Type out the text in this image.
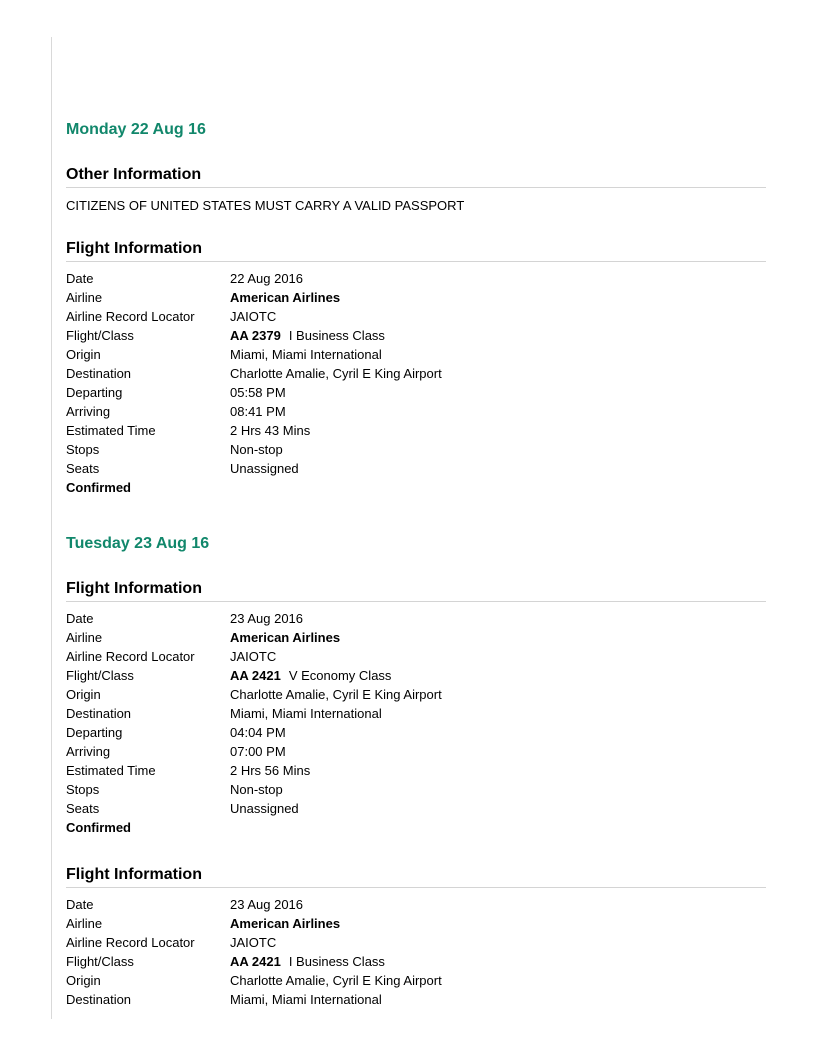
Monday 22 Aug 16
Other Information
CITIZENS OF UNITED STATES MUST CARRY A VALID PASSPORT
Flight Information
Date	22 Aug 2016
Airline	American Airlines
Airline Record Locator	JAIOTC
Flight/Class	AA 2379 I Business Class
Origin	Miami, Miami International
Destination	Charlotte Amalie, Cyril E King Airport
Departing	05:58 PM
Arriving	08:41 PM
Estimated Time	2 Hrs 43 Mins
Stops	Non-stop
Seats	Unassigned
Confirmed
Tuesday 23 Aug 16
Flight Information
Date	23 Aug 2016
Airline	American Airlines
Airline Record Locator	JAIOTC
Flight/Class	AA 2421 V Economy Class
Origin	Charlotte Amalie, Cyril E King Airport
Destination	Miami, Miami International
Departing	04:04 PM
Arriving	07:00 PM
Estimated Time	2 Hrs 56 Mins
Stops	Non-stop
Seats	Unassigned
Confirmed
Flight Information
Date	23 Aug 2016
Airline	American Airlines
Airline Record Locator	JAIOTC
Flight/Class	AA 2421 I Business Class
Origin	Charlotte Amalie, Cyril E King Airport
Destination	Miami, Miami International
